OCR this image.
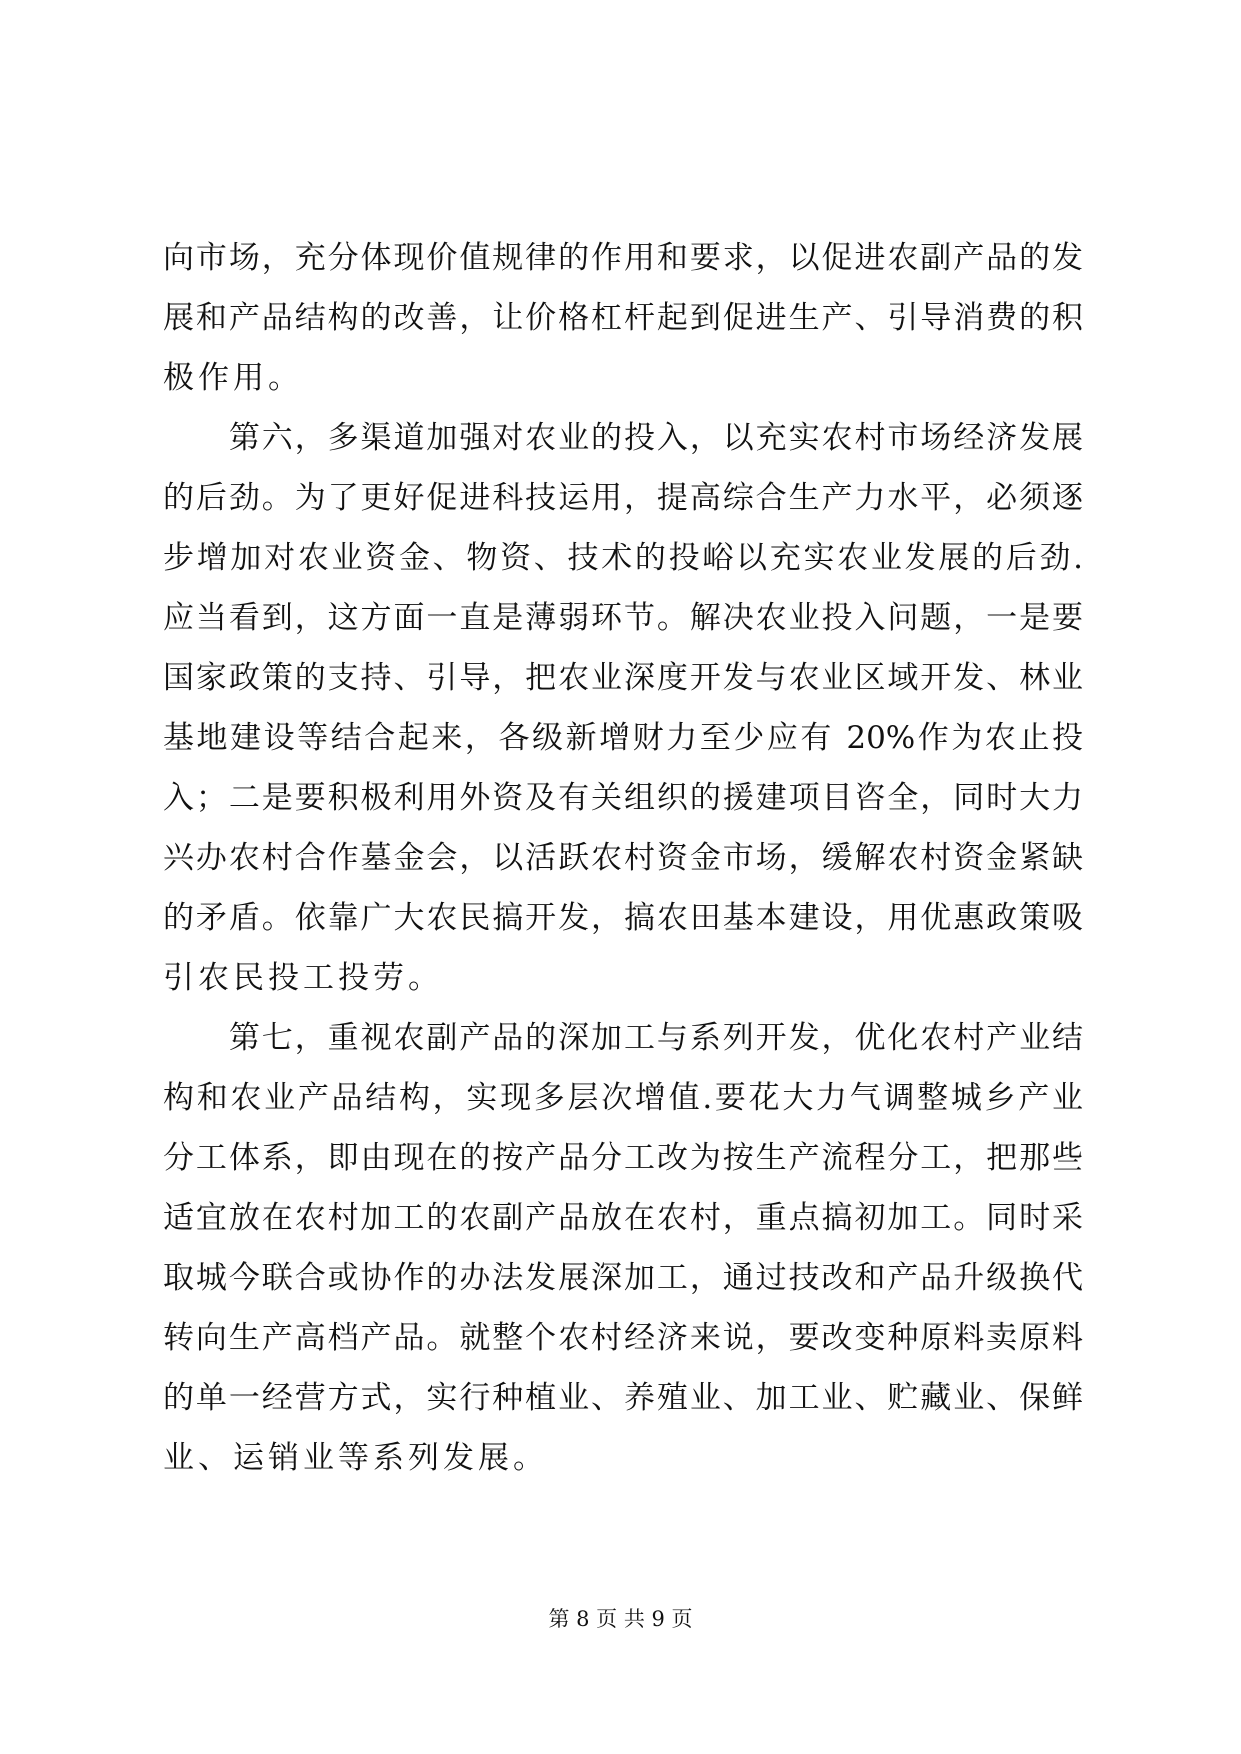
向市场，充分体现价值规律的作用和要求，以促进农副产品的发
展和产品结构的改善，让价格杠杆起到促进生产、引导消费的积
极作用。
　　第六，多渠道加强对农业的投入，以充实农村市场经济发展
的后劲。为了更好促进科技运用，提高综合生产力水平，必须逐
步增加对农业资金、物资、技术的投峪以充实农业发展的后劲.
应当看到，这方面一直是薄弱环节。解决农业投入问题，一是要
国家政策的支持、引导，把农业深度开发与农业区域开发、林业
基地建设等结合起来，各级新增财力至少应有 20%作为农止投
入；二是要积极利用外资及有关组织的援建项目咨全，同时大力
兴办农村合作墓金会，以活跃农村资金市场，缓解农村资金紧缺
的矛盾。依靠广大农民搞开发，搞农田基本建设，用优惠政策吸
引农民投工投劳。
　　第七，重视农副产品的深加工与系列开发，优化农村产业结
构和农业产品结构，实现多层次增值.要花大力气调整城乡产业
分工体系，即由现在的按产品分工改为按生产流程分工，把那些
适宜放在农村加工的农副产品放在农村，重点搞初加工。同时采
取城今联合或协作的办法发展深加工，通过技改和产品升级换代
转向生产高档产品。就整个农村经济来说，要改变种原料卖原料
的单一经营方式，实行种植业、养殖业、加工业、贮藏业、保鲜
业、运销业等系列发展。
第 8 页 共 9 页
